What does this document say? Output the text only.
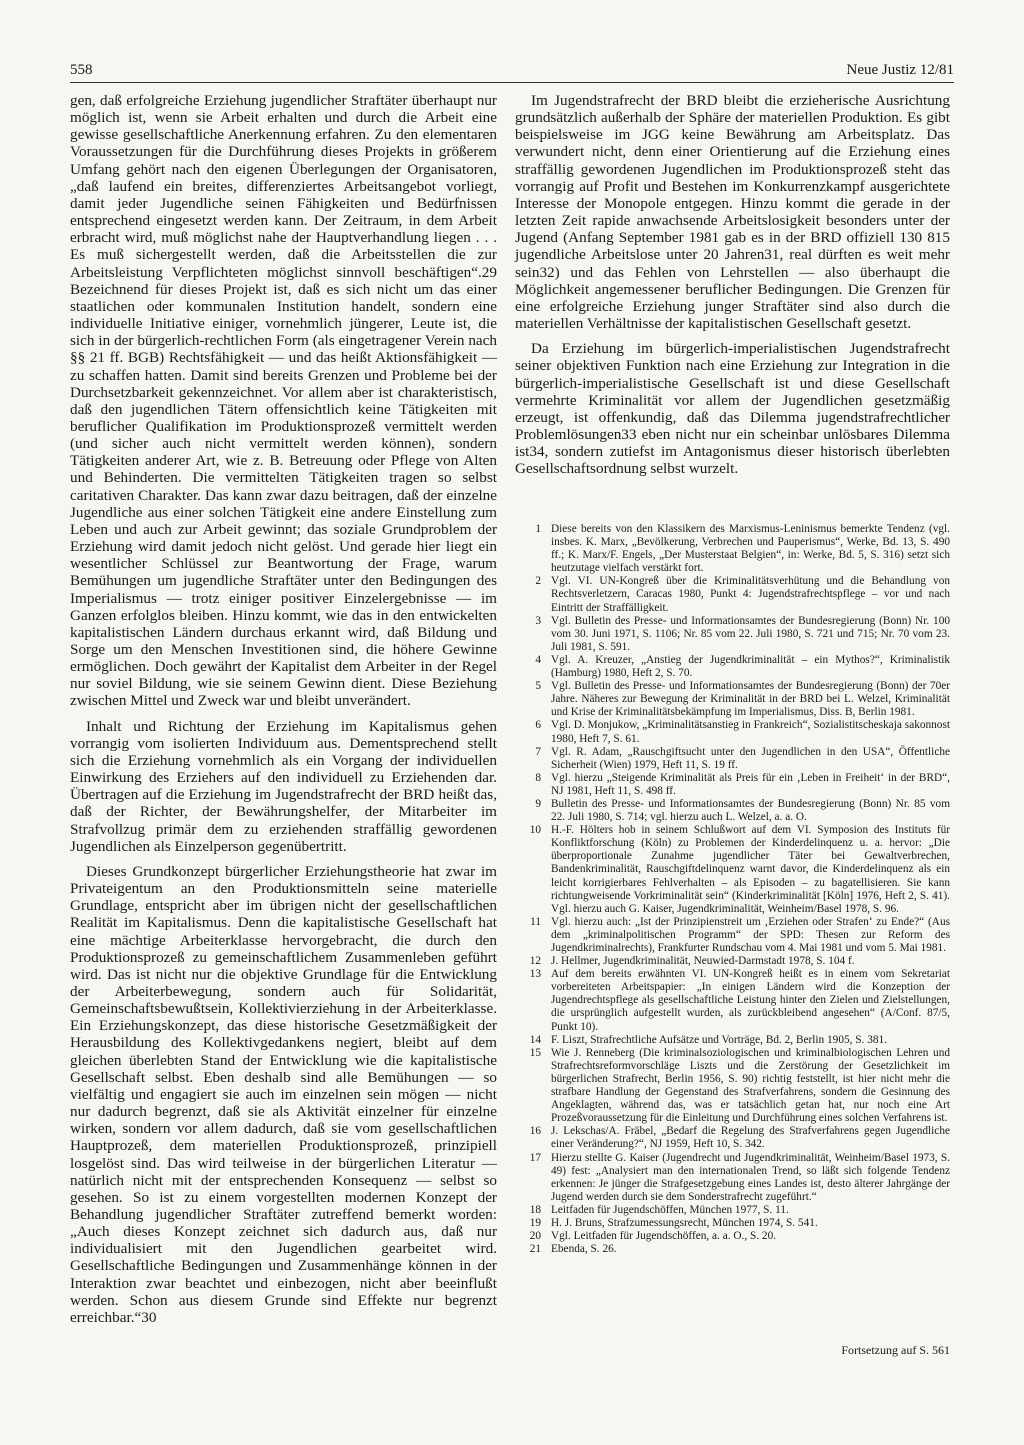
558	Neue Justiz 12/81

gen, daß erfolgreiche Erziehung jugendlicher Straftäter überhaupt nur möglich ist, wenn sie Arbeit erhalten und durch die Arbeit eine gewisse gesellschaftliche Anerkennung erfahren. Zu den elementaren Voraussetzungen für die Durchführung dieses Projekts in größerem Umfang gehört nach den eigenen Überlegungen der Organisatoren, „daß laufend ein breites, differenziertes Arbeitsangebot vorliegt, damit jeder Jugendliche seinen Fähigkeiten und Bedürfnissen entsprechend eingesetzt werden kann. Der Zeitraum, in dem Arbeit erbracht wird, muß möglichst nahe der Hauptverhandlung liegen . . . Es muß sichergestellt werden, daß die Arbeitsstellen die zur Arbeitsleistung Verpflichteten möglichst sinnvoll beschäftigen“.29 Bezeichnend für dieses Projekt ist, daß es sich nicht um das einer staatlichen oder kommunalen Institution handelt, sondern eine individuelle Initiative einiger, vornehmlich jüngerer, Leute ist, die sich in der bürgerlich-rechtlichen Form (als eingetragener Verein nach §§ 21 ff. BGB) Rechtsfähigkeit — und das heißt Aktionsfähigkeit — zu schaffen hatten. Damit sind bereits Grenzen und Probleme bei der Durchsetzbarkeit gekennzeichnet. Vor allem aber ist charakteristisch, daß den jugendlichen Tätern offensichtlich keine Tätigkeiten mit beruflicher Qualifikation im Produktionsprozeß vermittelt werden (und sicher auch nicht vermittelt werden können), sondern Tätigkeiten anderer Art, wie z. B. Betreuung oder Pflege von Alten und Behinderten. Die vermittelten Tätigkeiten tragen so selbst caritativen Charakter. Das kann zwar dazu beitragen, daß der einzelne Jugendliche aus einer solchen Tätigkeit eine andere Einstellung zum Leben und auch zur Arbeit gewinnt; das soziale Grundproblem der Erziehung wird damit jedoch nicht gelöst. Und gerade hier liegt ein wesentlicher Schlüssel zur Beantwortung der Frage, warum Bemühungen um jugendliche Straftäter unter den Bedingungen des Imperialismus — trotz einiger positiver Einzelergebnisse — im Ganzen erfolglos bleiben. Hinzu kommt, wie das in den entwickelten kapitalistischen Ländern durchaus erkannt wird, daß Bildung und Sorge um den Menschen Investitionen sind, die höhere Gewinne ermöglichen. Doch gewährt der Kapitalist dem Arbeiter in der Regel nur soviel Bildung, wie sie seinem Gewinn dient. Diese Beziehung zwischen Mittel und Zweck war und bleibt unverändert.

Inhalt und Richtung der Erziehung im Kapitalismus gehen vorrangig vom isolierten Individuum aus. Dementsprechend stellt sich die Erziehung vornehmlich als ein Vorgang der individuellen Einwirkung des Erziehers auf den individuell zu Erziehenden dar. Übertragen auf die Erziehung im Jugendstrafrecht der BRD heißt das, daß der Richter, der Bewährungshelfer, der Mitarbeiter im Strafvollzug primär dem zu erziehenden straffällig gewordenen Jugendlichen als Einzelperson gegenübertritt.

Dieses Grundkonzept bürgerlicher Erziehungstheorie hat zwar im Privateigentum an den Produktionsmitteln seine materielle Grundlage, entspricht aber im übrigen nicht der gesellschaftlichen Realität im Kapitalismus. Denn die kapitalistische Gesellschaft hat eine mächtige Arbeiterklasse hervorgebracht, die durch den Produktionsprozeß zu gemeinschaftlichem Zusammenleben geführt wird. Das ist nicht nur die objektive Grundlage für die Entwicklung der Arbeiterbewegung, sondern auch für Solidarität, Gemeinschaftsbewußtsein, Kollektivierziehung in der Arbeiterklasse. Ein Erziehungskonzept, das diese historische Gesetzmäßigkeit der Herausbildung des Kollektivgedankens negiert, bleibt auf dem gleichen überlebten Stand der Entwicklung wie die kapitalistische Gesellschaft selbst. Eben deshalb sind alle Bemühungen — so vielfältig und engagiert sie auch im einzelnen sein mögen — nicht nur dadurch begrenzt, daß sie als Aktivität einzelner für einzelne wirken, sondern vor allem dadurch, daß sie vom gesellschaftlichen Hauptprozeß, dem materiellen Produktionsprozeß, prinzipiell losgelöst sind. Das wird teilweise in der bürgerlichen Literatur — natürlich nicht mit der entsprechenden Konsequenz — selbst so gesehen. So ist zu einem vorgestellten modernen Konzept der Behandlung jugendlicher Straftäter zutreffend bemerkt worden: „Auch dieses Konzept zeichnet sich dadurch aus, daß nur individualisiert mit den Jugendlichen gearbeitet wird. Gesellschaftliche Bedingungen und Zusammenhänge können in der Interaktion zwar beachtet und einbezogen, nicht aber beeinflußt werden. Schon aus diesem Grunde sind Effekte nur begrenzt erreichbar.“30

Im Jugendstrafrecht der BRD bleibt die erzieherische Ausrichtung grundsätzlich außerhalb der Sphäre der materiellen Produktion. Es gibt beispielsweise im JGG keine Bewährung am Arbeitsplatz. Das verwundert nicht, denn einer Orientierung auf die Erziehung eines straffällig gewordenen Jugendlichen im Produktionsprozeß steht das vorrangig auf Profit und Bestehen im Konkurrenzkampf ausgerichtete Interesse der Monopole entgegen. Hinzu kommt die gerade in der letzten Zeit rapide anwachsende Arbeitslosigkeit besonders unter der Jugend (Anfang September 1981 gab es in der BRD offiziell 130 815 jugendliche Arbeitslose unter 20 Jahren31, real dürften es weit mehr sein32) und das Fehlen von Lehrstellen — also überhaupt die Möglichkeit angemessener beruflicher Bedingungen. Die Grenzen für eine erfolgreiche Erziehung junger Straftäter sind also durch die materiellen Verhältnisse der kapitalistischen Gesellschaft gesetzt.

Da Erziehung im bürgerlich-imperialistischen Jugendstrafrecht seiner objektiven Funktion nach eine Erziehung zur Integration in die bürgerlich-imperialistische Gesellschaft ist und diese Gesellschaft vermehrte Kriminalität vor allem der Jugendlichen gesetzmäßig erzeugt, ist offenkundig, daß das Dilemma jugendstrafrechtlicher Problemlösungen33 eben nicht nur ein scheinbar unlösbares Dilemma ist34, sondern zutiefst im Antagonismus dieser historisch überlebten Gesellschaftsordnung selbst wurzelt.

1 Diese bereits von den Klassikern des Marxismus-Leninismus bemerkte Tendenz (vgl. insbes. K. Marx, „Bevölkerung, Verbrechen und Pauperismus“, Werke, Bd. 13, S. 490 ff.; K. Marx/F. Engels, „Der Musterstaat Belgien“, in: Werke, Bd. 5, S. 316) setzt sich heutzutage vielfach verstärkt fort.
2 Vgl. VI. UN-Kongreß über die Kriminalitätsverhütung und die Behandlung von Rechtsverletzern, Caracas 1980, Punkt 4: Jugendstrafrechtspflege – vor und nach Eintritt der Straffälligkeit.
3 Vgl. Bulletin des Presse- und Informationsamtes der Bundesregierung (Bonn) Nr. 100 vom 30. Juni 1971, S. 1106; Nr. 85 vom 22. Juli 1980, S. 721 und 715; Nr. 70 vom 23. Juli 1981, S. 591.
4 Vgl. A. Kreuzer, „Anstieg der Jugendkriminalität – ein Mythos?“, Kriminalistik (Hamburg) 1980, Heft 2, S. 70.
5 Vgl. Bulletin des Presse- und Informationsamtes der Bundesregierung (Bonn) der 70er Jahre. Näheres zur Bewegung der Kriminalität in der BRD bei L. Welzel, Kriminalität und Krise der Kriminalitätsbekämpfung im Imperialismus, Diss. B, Berlin 1981.
6 Vgl. D. Monjukow, „Kriminalitätsanstieg in Frankreich“, Sozialistitscheskaja sakonnost 1980, Heft 7, S. 61.
7 Vgl. R. Adam, „Rauschgiftsucht unter den Jugendlichen in den USA“, Öffentliche Sicherheit (Wien) 1979, Heft 11, S. 19 ff.
8 Vgl. hierzu „Steigende Kriminalität als Preis für ein ‚Leben in Freiheit‘ in der BRD“, NJ 1981, Heft 11, S. 498 ff.
9 Bulletin des Presse- und Informationsamtes der Bundesregierung (Bonn) Nr. 85 vom 22. Juli 1980, S. 714; vgl. hierzu auch L. Welzel, a. a. O.
10 H.-F. Hölters hob in seinem Schlußwort auf dem VI. Symposion des Instituts für Konfliktforschung (Köln) zu Problemen der Kinderdelinquenz u. a. hervor: „Die überproportionale Zunahme jugendlicher Täter bei Gewaltverbrechen, Bandenkriminalität, Rauschgiftdelinquenz warnt davor, die Kinderdelinquenz als ein leicht korrigierbares Fehlverhalten – als Episoden – zu bagatellisieren. Sie kann richtungweisende Vorkriminalität sein“ (Kinderkriminalität [Köln] 1976, Heft 2, S. 41). Vgl. hierzu auch G. Kaiser, Jugendkriminalität, Weinheim/Basel 1978, S. 96.
11 Vgl. hierzu auch: „Ist der Prinzipienstreit um ‚Erziehen oder Strafen‘ zu Ende?“ (Aus dem „kriminalpolitischen Programm“ der SPD: Thesen zur Reform des Jugendkriminalrechts), Frankfurter Rundschau vom 4. Mai 1981 und vom 5. Mai 1981.
12 J. Hellmer, Jugendkriminalität, Neuwied-Darmstadt 1978, S. 104 f.
13 Auf dem bereits erwähnten VI. UN-Kongreß heißt es in einem vom Sekretariat vorbereiteten Arbeitspapier: „In einigen Ländern wird die Konzeption der Jugendrechtspflege als gesellschaftliche Leistung hinter den Zielen und Zielstellungen, die ursprünglich aufgestellt wurden, als zurückbleibend angesehen“ (A/Conf. 87/5, Punkt 10).
14 F. Liszt, Strafrechtliche Aufsätze und Vorträge, Bd. 2, Berlin 1905, S. 381.
15 Wie J. Renneberg (Die kriminalsoziologischen und kriminalbiologischen Lehren und Strafrechtsreformvorschläge Liszts und die Zerstörung der Gesetzlichkeit im bürgerlichen Strafrecht, Berlin 1956, S. 90) richtig feststellt, ist hier nicht mehr die strafbare Handlung der Gegenstand des Strafverfahrens, sondern die Gesinnung des Angeklagten, während das, was er tatsächlich getan hat, nur noch eine Art Prozeßvoraussetzung für die Einleitung und Durchführung eines solchen Verfahrens ist.
16 J. Lekschas/A. Fräbel, „Bedarf die Regelung des Strafverfahrens gegen Jugendliche einer Veränderung?“, NJ 1959, Heft 10, S. 342.
17 Hierzu stellte G. Kaiser (Jugendrecht und Jugendkriminalität, Weinheim/Basel 1973, S. 49) fest: „Analysiert man den internationalen Trend, so läßt sich folgende Tendenz erkennen: Je jünger die Strafgesetzgebung eines Landes ist, desto älterer Jahrgänge der Jugend werden durch sie dem Sonderstrafrecht zugeführt.“
18 Leitfaden für Jugendschöffen, München 1977, S. 11.
19 H. J. Bruns, Strafzumessungsrecht, München 1974, S. 541.
20 Vgl. Leitfaden für Jugendschöffen, a. a. O., S. 20.
21 Ebenda, S. 26.
Fortsetzung auf S. 561
